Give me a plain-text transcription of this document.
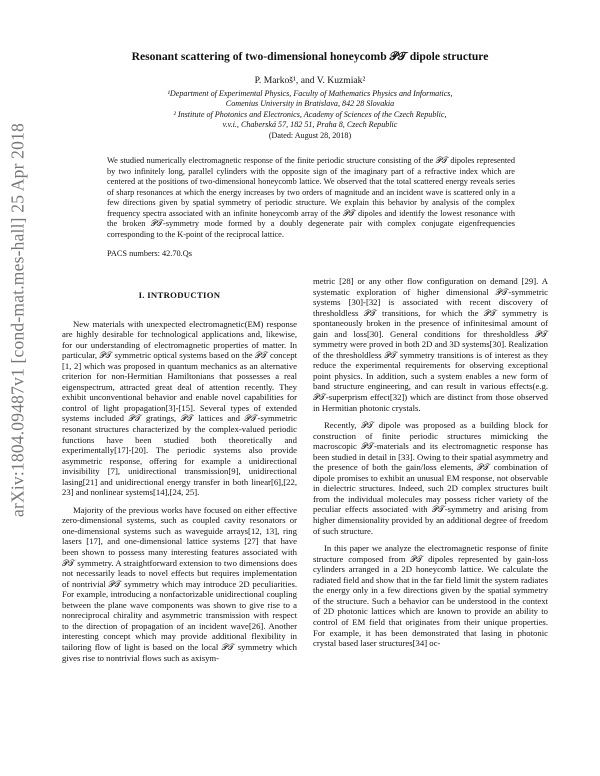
arXiv:1804.09487v1 [cond-mat.mes-hall] 25 Apr 2018
Resonant scattering of two-dimensional honeycomb 𝒫𝒯 dipole structure
P. Markoš¹, and V. Kuzmiak²
¹Department of Experimental Physics, Faculty of Mathematics Physics and Informatics,
Comenius University in Bratislava, 842 28 Slovakia
² Institute of Photonics and Electronics, Academy of Sciences of the Czech Republic,
v.v.i., Chaberská 57, 182 51, Praha 8, Czech Republic
(Dated: August 28, 2018)
We studied numerically electromagnetic response of the finite periodic structure consisting of the 𝒫𝒯 dipoles represented by two infinitely long, parallel cylinders with the opposite sign of the imaginary part of a refractive index which are centered at the positions of two-dimensional honeycomb lattice. We observed that the total scattered energy reveals series of sharp resonances at which the energy increases by two orders of magnitude and an incident wave is scattered only in a few directions given by spatial symmetry of periodic structure. We explain this behavior by analysis of the complex frequency spectra associated with an infinite honeycomb array of the 𝒫𝒯 dipoles and identify the lowest resonance with the broken 𝒫𝒯-symmetry mode formed by a doubly degenerate pair with complex conjugate eigenfrequencies corresponding to the K-point of the reciprocal lattice.
PACS numbers: 42.70.Qs
I. INTRODUCTION

New materials with unexpected electromagnetic(EM) response are highly desirable for technological applications and, likewise, for our understanding of electromagnetic properties of matter. In particular, 𝒫𝒯 symmetric optical systems based on the 𝒫𝒯 concept [1, 2] which was proposed in quantum mechanics as an alternative criterion for non-Hermitian Hamiltonians that possesses a real eigenspectrum, attracted great deal of attention recently. They exhibit unconventional behavior and enable novel capabilities for control of light propagation[3]-[15]. Several types of extended systems included 𝒫𝒯 gratings, 𝒫𝒯 lattices and 𝒫𝒯-symmetric resonant structures characterized by the complex-valued periodic functions have been studied both theoretically and experimentally[17]-[20]. The periodic systems also provide asymmetric response, offering for example a unidirectional invisibility [7], unidirectional transmission[9], unidirectional lasing[21] and unidirectional energy transfer in both linear[6],[22, 23] and nonlinear systems[14],[24, 25].

Majority of the previous works have focused on either effective zero-dimensional systems, such as coupled cavity resonators or one-dimensional systems such as waveguide arrays[12, 13], ring lasers [17], and one-dimensional lattice systems [27] that have been shown to possess many interesting features associated with 𝒫𝒯 symmetry. A straightforward extension to two dimensions does not necessarily leads to novel effects but requires implementation of nontrivial 𝒫𝒯 symmetry which may introduce 2D peculiarities. For example, introducing a nonfactorizable unidirectional coupling between the plane wave components was shown to give rise to a nonreciprocal chirality and asymmetric transmission with respect to the direction of propagation of an incident wave[26]. Another interesting concept which may provide additional flexibility in tailoring flow of light is based on the local 𝒫𝒯 symmetry which gives rise to nontrivial flows such as axisym-

metric [28] or any other flow configuration on demand [29]. A systematic exploration of higher dimensional 𝒫𝒯-symmetric systems [30]-[32] is associated with recent discovery of thresholdless 𝒫𝒯 transitions, for which the 𝒫𝒯 symmetry is spontaneously broken in the presence of infinitesimal amount of gain and loss[30]. General conditions for thresholdless 𝒫𝒯 symmetry were proved in both 2D and 3D systems[30]. Realization of the thresholdless 𝒫𝒯 symmetry transitions is of interest as they reduce the experimental requirements for observing exceptional point physics. In addition, such a system enables a new form of band structure engineering, and can result in various effects(e.g. 𝒫𝒯-superprism effect[32]) which are distinct from those observed in Hermitian photonic crystals.

Recently, 𝒫𝒯 dipole was proposed as a building block for construction of finite periodic structures mimicking the macroscopic 𝒫𝒯-materials and its electromagnetic response has been studied in detail in [33]. Owing to their spatial asymmetry and the presence of both the gain/loss elements, 𝒫𝒯 combination of dipole promises to exhibit an unusual EM response, not observable in dielectric structures. Indeed, such 2D complex structures built from the individual molecules may possess richer variety of the peculiar effects associated with 𝒫𝒯-symmetry and arising from higher dimensionality provided by an additional degree of freedom of such structure.

In this paper we analyze the electromagnetic response of finite structure composed from 𝒫𝒯 dipoles represented by gain-loss cylinders arranged in a 2D honeycomb lattice. We calculate the radiated field and show that in the far field limit the system radiates the energy only in a few directions given by the spatial symmetry of the structure. Such a behavior can be understood in the context of 2D photonic lattices which are known to provide an ability to control of EM field that originates from their unique properties. For example, it has been demonstrated that lasing in photonic crystal based laser structures[34] oc-
